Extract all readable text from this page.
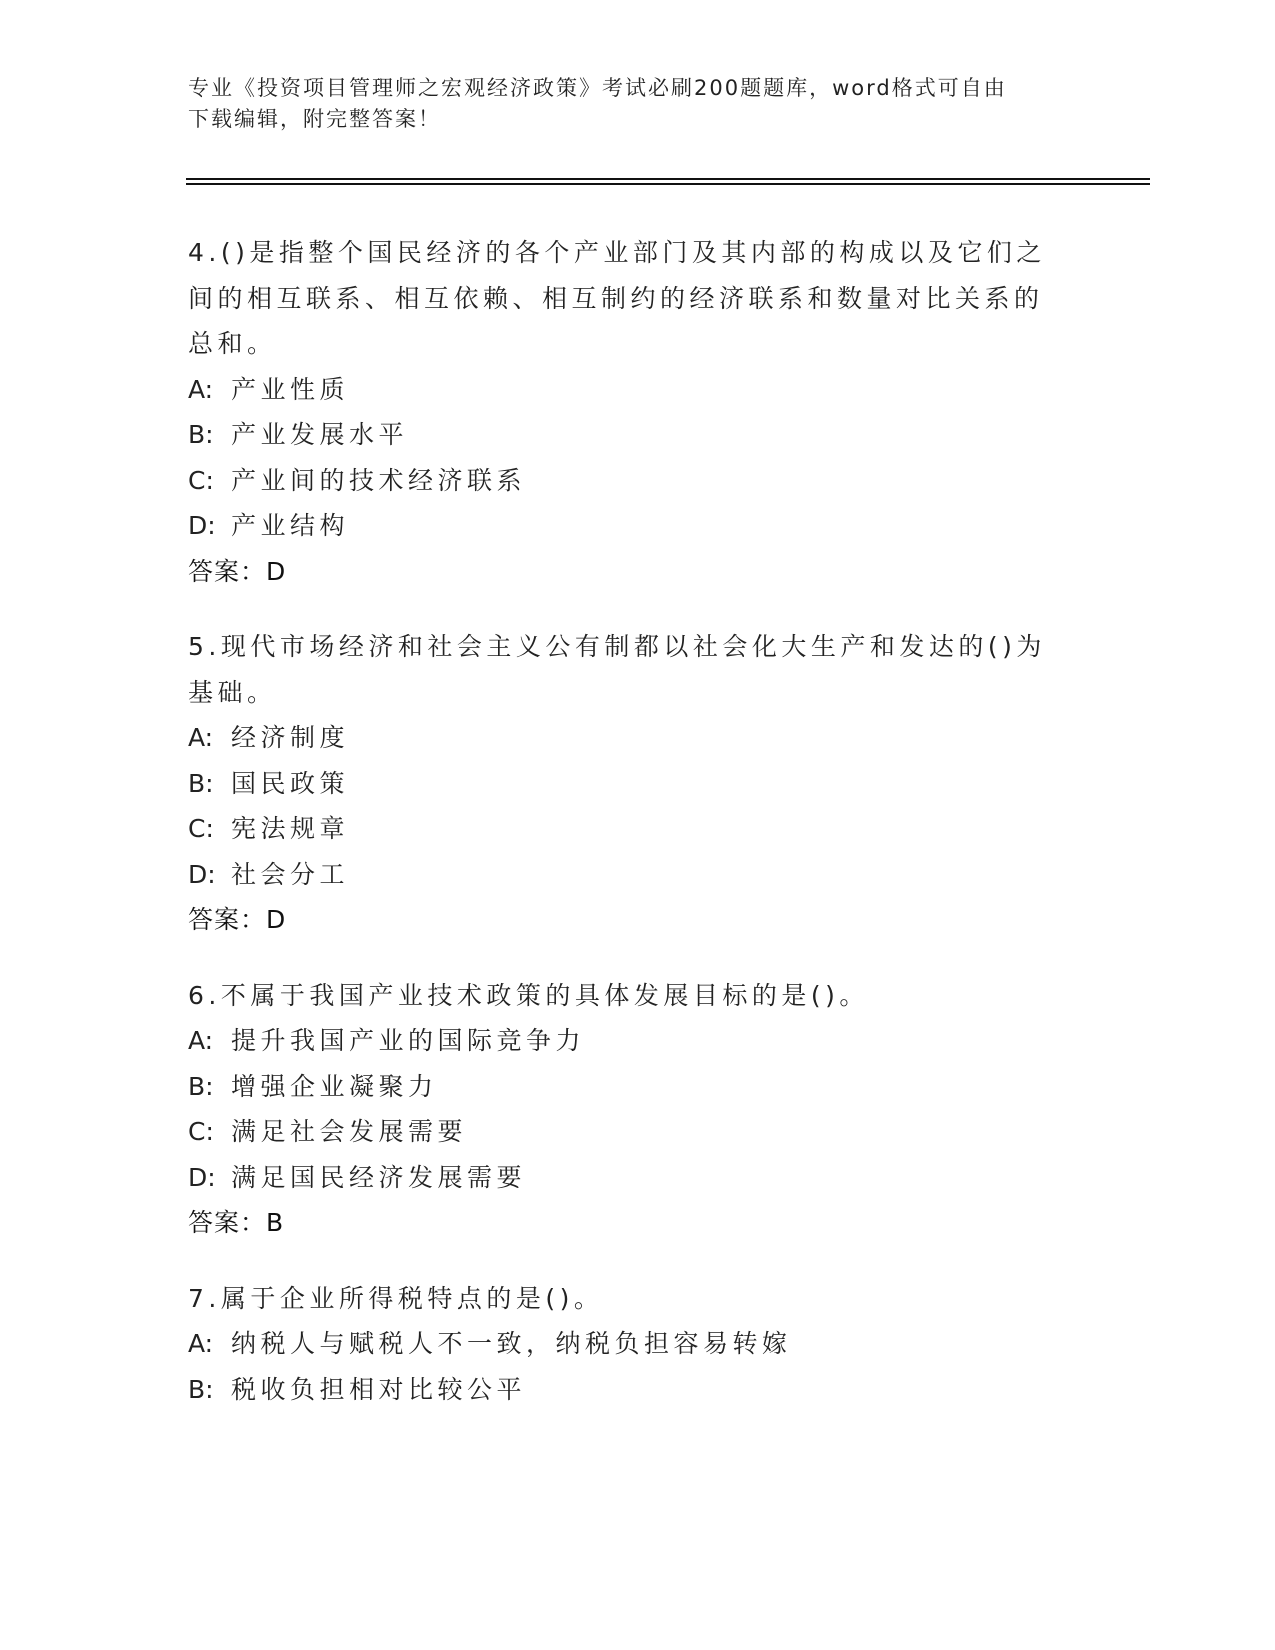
专业《投资项目管理师之宏观经济政策》考试必刷200题题库，word格式可自由
下载编辑，附完整答案！

4.()是指整个国民经济的各个产业部门及其内部的构成以及它们之间的相互联系、相互依赖、相互制约的经济联系和数量对比关系的总和。

A: 产业性质

B: 产业发展水平

C: 产业间的技术经济联系

D: 产业结构

答案：D

5.现代市场经济和社会主义公有制都以社会化大生产和发达的()为基础。

A: 经济制度

B: 国民政策

C: 宪法规章

D: 社会分工

答案：D

6.不属于我国产业技术政策的具体发展目标的是()。

A: 提升我国产业的国际竞争力

B: 增强企业凝聚力

C: 满足社会发展需要

D: 满足国民经济发展需要

答案：B

7.属于企业所得税特点的是()。

A: 纳税人与赋税人不一致，纳税负担容易转嫁

B: 税收负担相对比较公平
